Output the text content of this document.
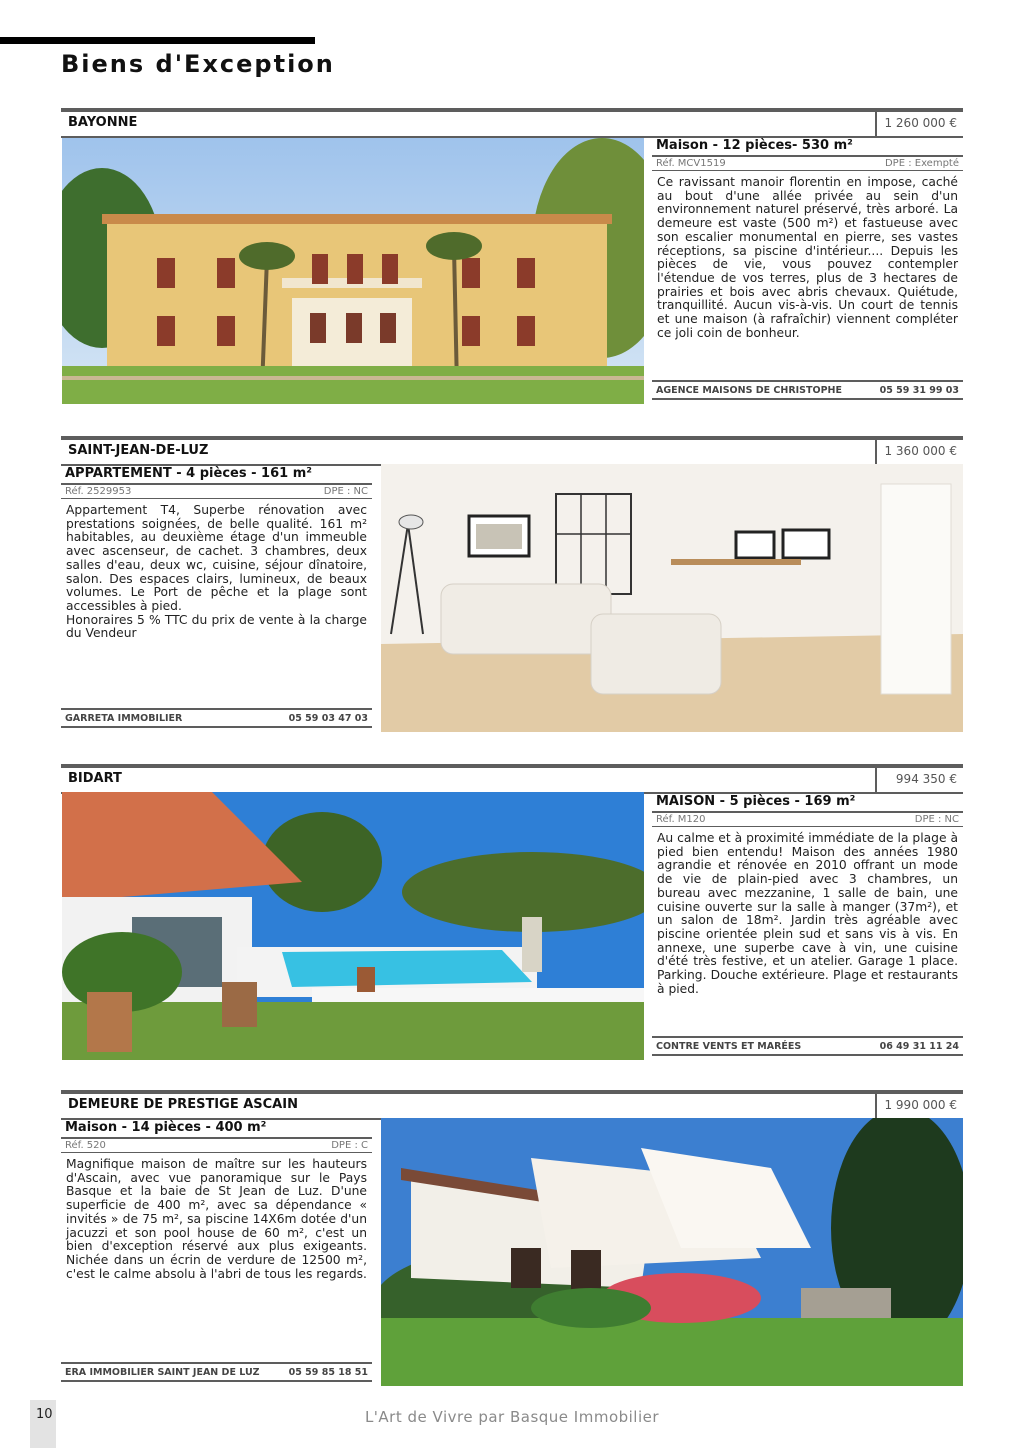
Biens d'Exception
BAYONNE	1 260 000 €
Maison - 12 pièces- 530 m²
Réf. MCV1519	DPE : Exempté
Ce ravissant manoir florentin en impose, caché au bout d'une allée privée au sein d'un environnement naturel préservé, très arboré. La demeure est vaste (500 m²) et fastueuse avec son escalier monumental en pierre, ses vastes réceptions, sa piscine d'intérieur.... Depuis les pièces de vie, vous pouvez contempler l'étendue de vos terres, plus de 3 hectares de prairies et bois avec abris chevaux. Quiétude, tranquillité. Aucun vis-à-vis. Un court de tennis et une maison (à rafraîchir) viennent compléter ce joli coin de bonheur.
AGENCE MAISONS DE CHRISTOPHE	05 59 31 99 03
SAINT-JEAN-DE-LUZ	1 360 000 €
APPARTEMENT - 4 pièces - 161 m²
Réf. 2529953	DPE : NC
Appartement T4, Superbe rénovation avec prestations soignées, de belle qualité. 161 m² habitables, au deuxième étage d'un immeuble avec ascenseur, de cachet. 3 chambres, deux salles d'eau, deux wc, cuisine, séjour dînatoire, salon. Des espaces clairs, lumineux, de beaux volumes. Le Port de pêche et la plage sont accessibles à pied.
Honoraires 5 % TTC du prix de vente à la charge du Vendeur
GARRETA IMMOBILIER	05 59 03 47 03
BIDART	994 350 €
MAISON - 5 pièces - 169 m²
Réf. M120	DPE : NC
Au calme et à proximité immédiate de la plage à pied bien entendu! Maison des années 1980 agrandie et rénovée en 2010 offrant un mode de vie de plain-pied avec 3 chambres, un bureau avec mezzanine, 1 salle de bain, une cuisine ouverte sur la salle à manger (37m²), et un salon de 18m². Jardin très agréable avec piscine orientée plein sud et sans vis à vis. En annexe, une superbe cave à vin, une cuisine d'été très festive, et un atelier. Garage 1 place. Parking. Douche extérieure. Plage et restaurants à pied.
CONTRE VENTS ET MARÉES	06 49 31 11 24
DEMEURE DE PRESTIGE ASCAIN	1 990 000 €
Maison - 14 pièces - 400 m²
Réf. 520	DPE : C
Magnifique maison de maître sur les hauteurs d'Ascain, avec vue panoramique sur le Pays Basque et la baie de St Jean de Luz. D'une superficie de 400 m², avec sa dépendance « invités » de 75 m², sa piscine 14X6m dotée d'un jacuzzi et son pool house de 60 m², c'est un bien d'exception réservé aux plus exigeants. Nichée dans un écrin de verdure de 12500 m², c'est le calme absolu à l'abri de tous les regards.
ERA IMMOBILIER SAINT JEAN DE LUZ	05 59 85 18 51
10	L'Art de Vivre par Basque Immobilier
